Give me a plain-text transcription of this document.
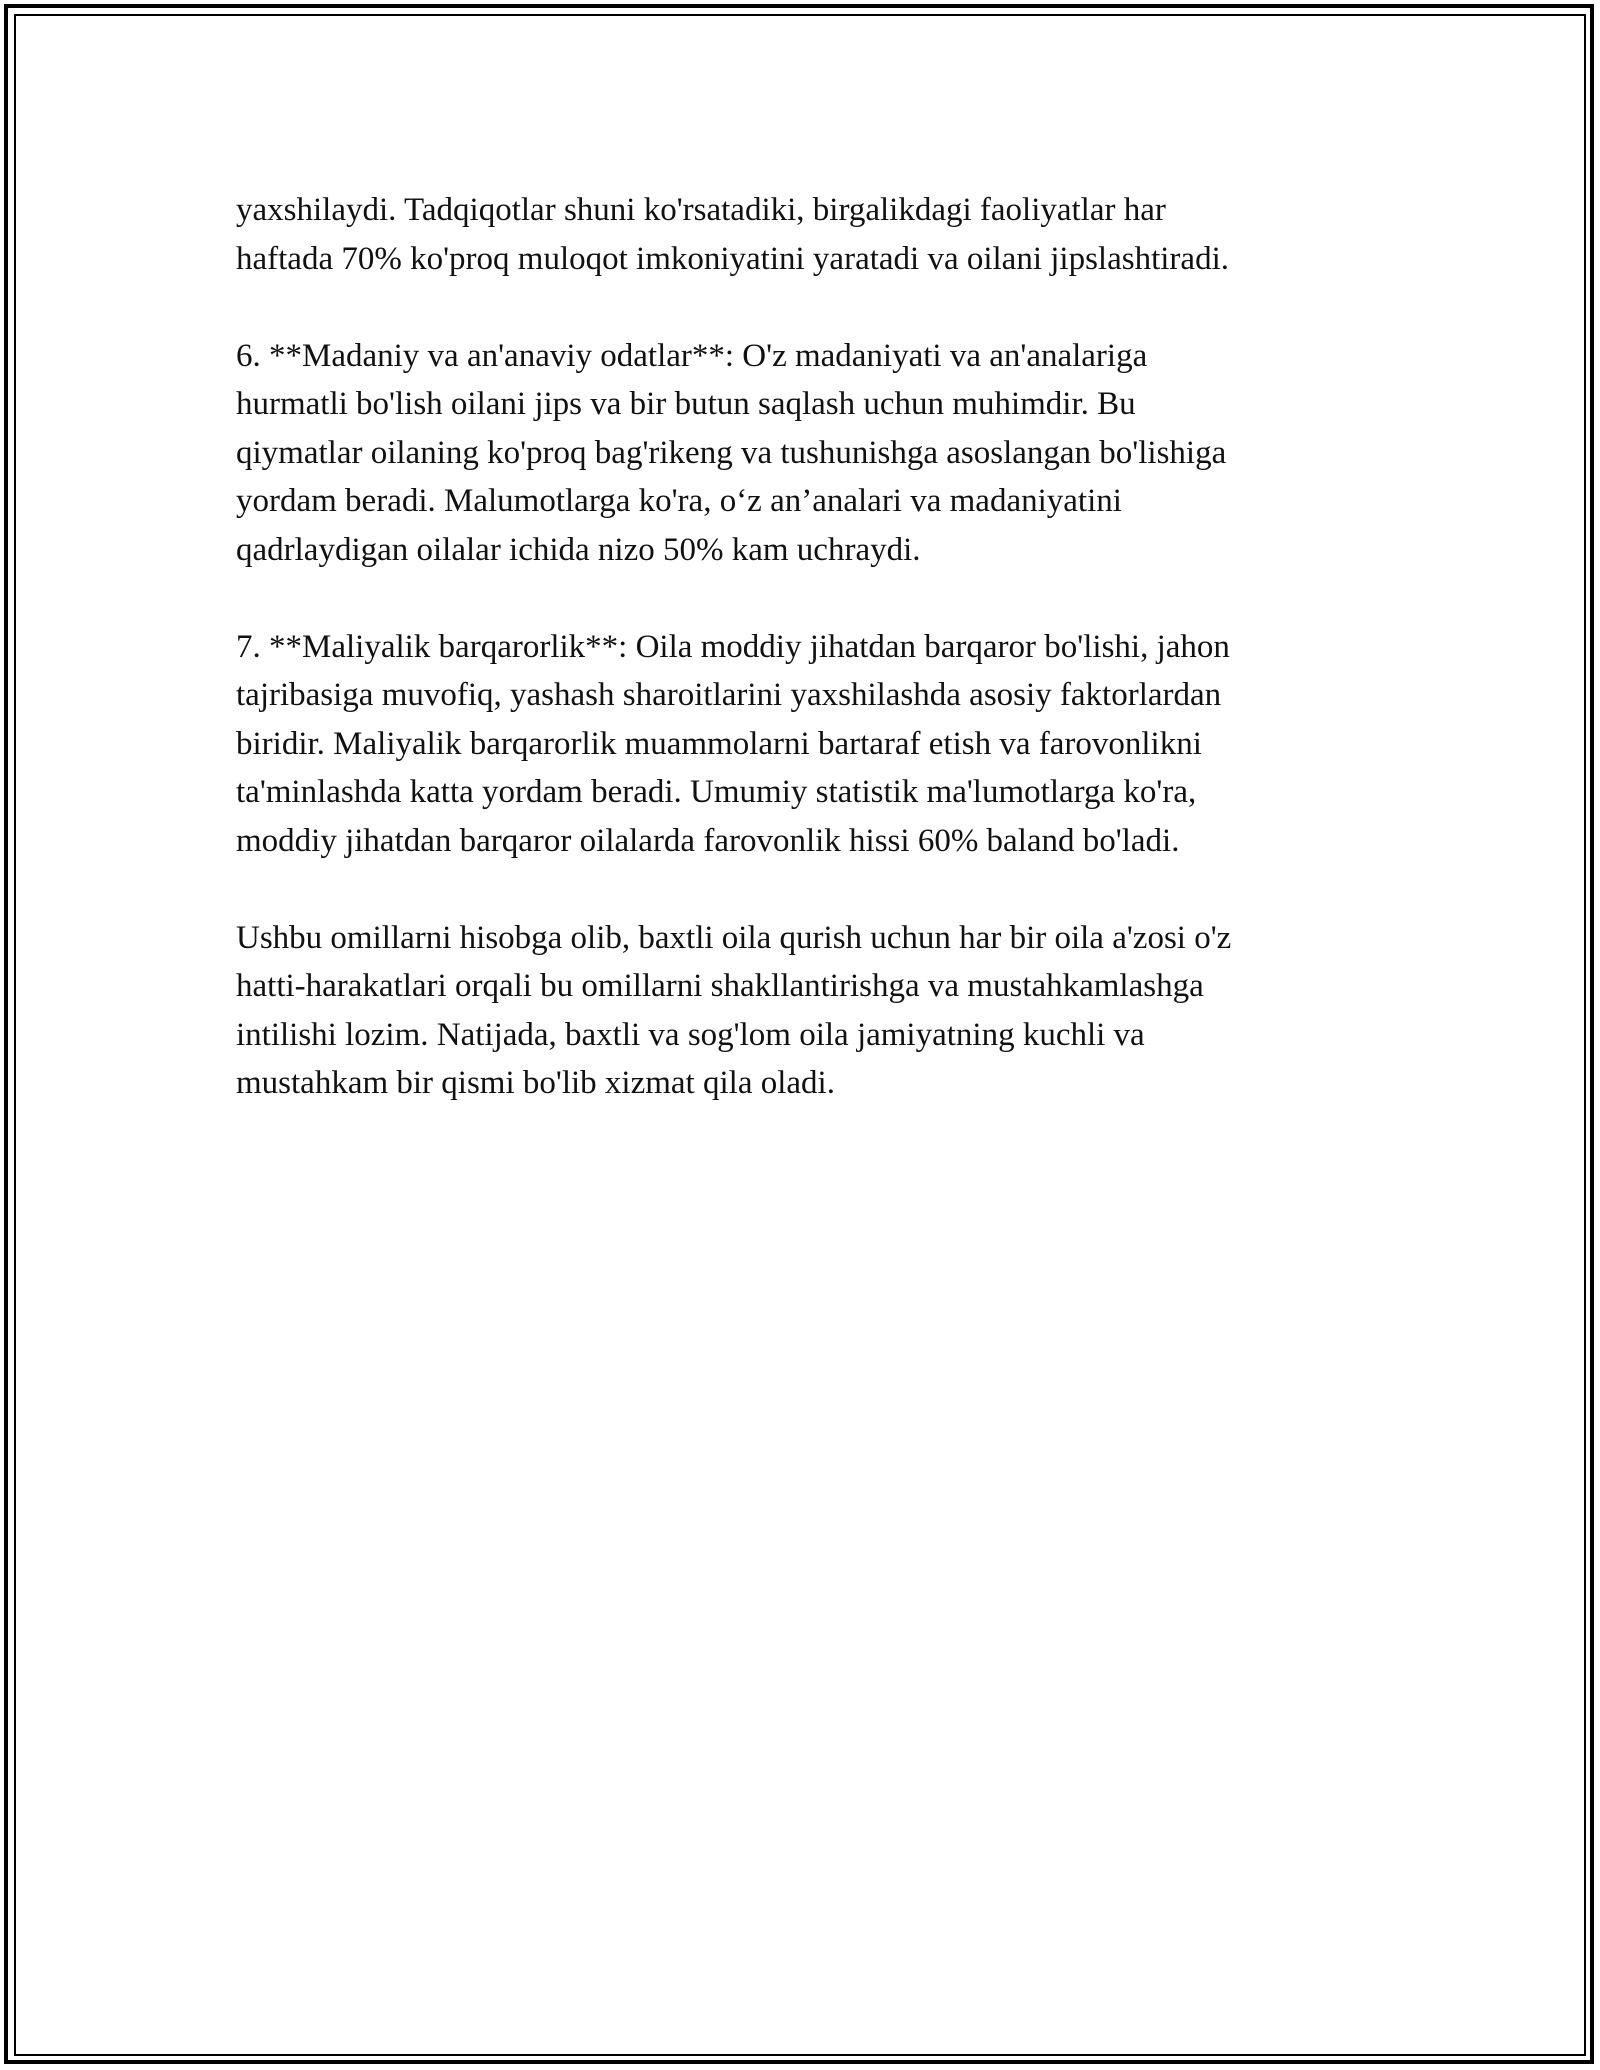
yaxshilaydi. Tadqiqotlar shuni ko'rsatadiki, birgalikdagi faoliyatlar har
haftada 70% ko'proq muloqot imkoniyatini yaratadi va oilani jipslashtiradi.

6. **Madaniy va an'anaviy odatlar**: O'z madaniyati va an'analariga
hurmatli bo'lish oilani jips va bir butun saqlash uchun muhimdir. Bu
qiymatlar oilaning ko'proq bag'rikeng va tushunishga asoslangan bo'lishiga
yordam beradi. Malumotlarga ko'ra, o‘z an’analari va madaniyatini
qadrlaydigan oilalar ichida nizo 50% kam uchraydi.

7. **Maliyalik barqarorlik**: Oila moddiy jihatdan barqaror bo'lishi, jahon
tajribasiga muvofiq, yashash sharoitlarini yaxshilashda asosiy faktorlardan
biridir. Maliyalik barqarorlik muammolarni bartaraf etish va farovonlikni
ta'minlashda katta yordam beradi. Umumiy statistik ma'lumotlarga ko'ra,
moddiy jihatdan barqaror oilalarda farovonlik hissi 60% baland bo'ladi.

Ushbu omillarni hisobga olib, baxtli oila qurish uchun har bir oila a'zosi o'z
hatti-harakatlari orqali bu omillarni shakllantirishga va mustahkamlashga
intilishi lozim. Natijada, baxtli va sog'lom oila jamiyatning kuchli va
mustahkam bir qismi bo'lib xizmat qila oladi.
